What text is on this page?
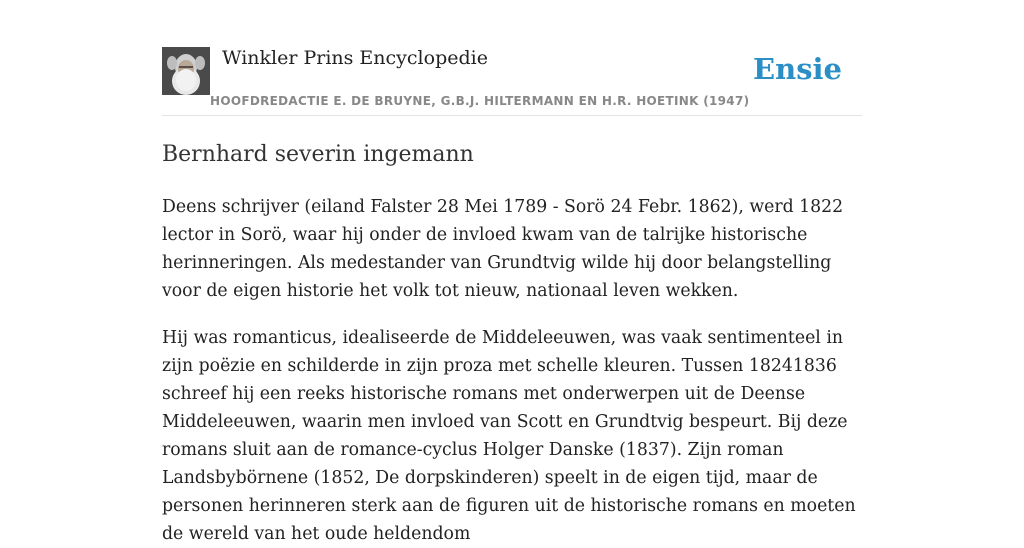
Winkler Prins Encyclopedie
HOOFDREDACTIE E. DE BRUYNE, G.B.J. HILTERMANN EN H.R. HOETINK (1947)
Ensie
Bernhard severin ingemann

Deens schrijver (eiland Falster 28 Mei 1789 - Sorö 24 Febr. 1862), werd 1822 lector in Sorö, waar hij onder de invloed kwam van de talrijke historische herinneringen. Als medestander van Grundtvig wilde hij door belangstelling voor de eigen historie het volk tot nieuw, nationaal leven wekken.

Hij was romanticus, idealiseerde de Middeleeuwen, was vaak sentimenteel in zijn poëzie en schilderde in zijn proza met schelle kleuren. Tussen 18241836 schreef hij een reeks historische romans met onderwerpen uit de Deense Middeleeuwen, waarin men invloed van Scott en Grundtvig bespeurt. Bij deze romans sluit aan de romance-cyclus Holger Danske (1837). Zijn roman Landsbybörnene (1852, De dorpskinderen) speelt in de eigen tijd, maar de personen herinneren sterk aan de figuren uit de historische romans en moeten de wereld van het oude heldendom
